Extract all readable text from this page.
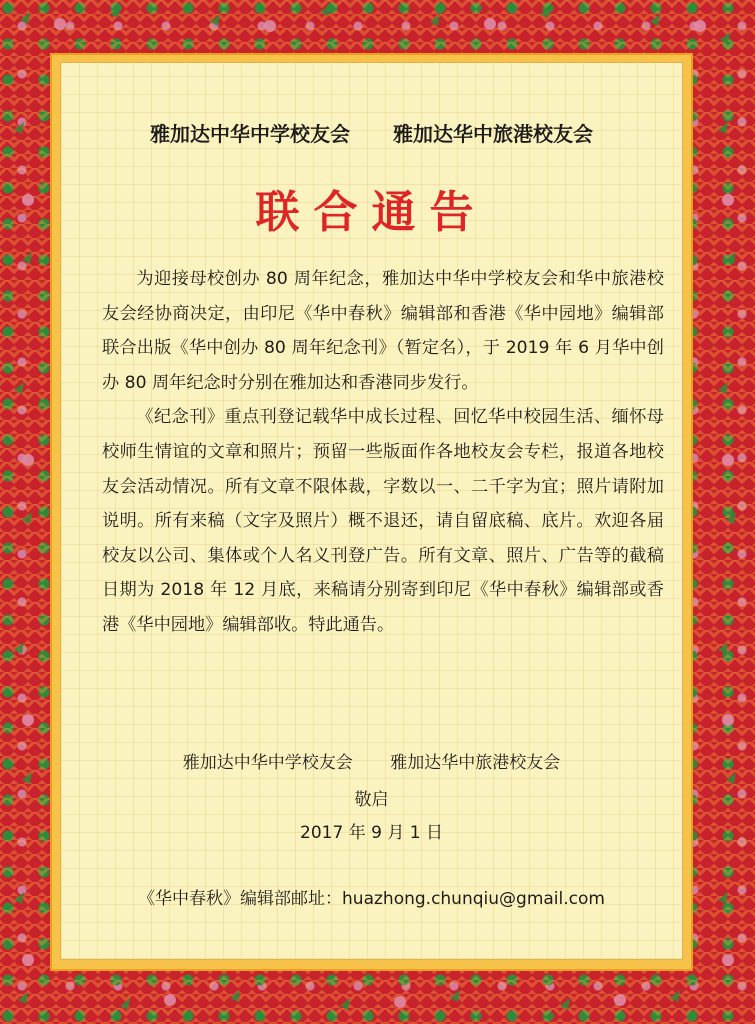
雅加达中华中学校友会 雅加达华中旅港校友会
联合通告

为迎接母校创办 80 周年纪念，雅加达中华中学校友会和华中旅港校友会经协商决定，由印尼《华中春秋》编辑部和香港《华中园地》编辑部联合出版《华中创办 80 周年纪念刊》（暂定名），于 2019 年 6 月华中创办 80 周年纪念时分别在雅加达和香港同步发行。

《纪念刊》重点刊登记载华中成长过程、回忆华中校园生活、缅怀母校师生情谊的文章和照片；预留一些版面作各地校友会专栏，报道各地校友会活动情况。所有文章不限体裁，字数以一、二千字为宜；照片请附加说明。所有来稿（文字及照片）概不退还，请自留底稿、底片。欢迎各届校友以公司、集体或个人名义刊登广告。所有文章、照片、广告等的截稿日期为 2018 年 12 月底，来稿请分别寄到印尼《华中春秋》编辑部或香港《华中园地》编辑部收。特此通告。

雅加达中华中学校友会 雅加达华中旅港校友会
敬启
2017 年 9 月 1 日
《华中春秋》编辑部邮址：huazhong.chunqiu@gmail.com
